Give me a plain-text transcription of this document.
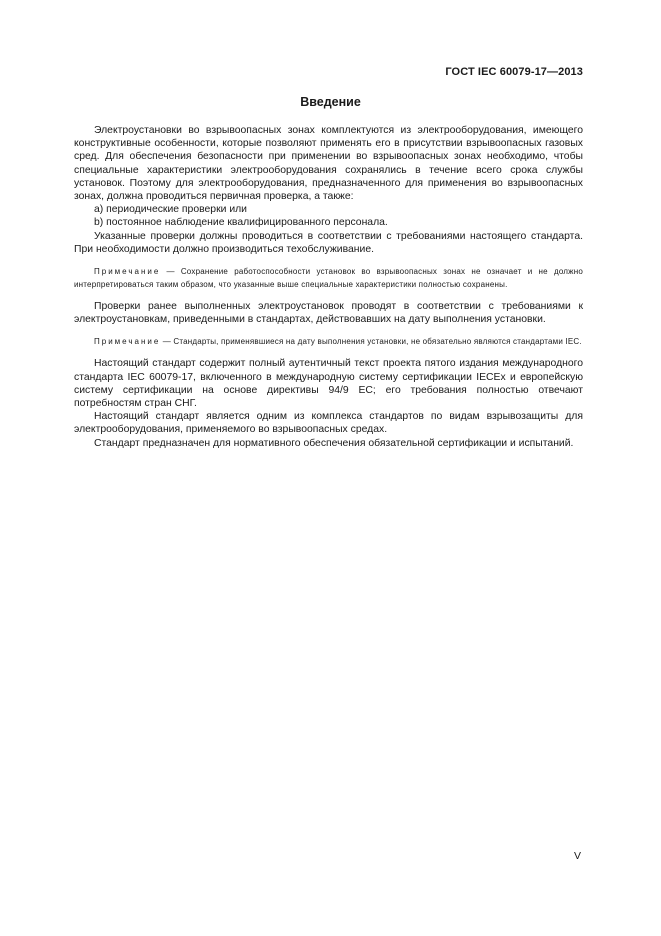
ГОСТ IEC 60079-17—2013
Введение

Электроустановки во взрывоопасных зонах комплектуются из электрооборудования, имеющего конструктивные особенности, которые позволяют применять его в присутствии взрывоопасных газовых сред. Для обеспечения безопасности при применении во взрывоопасных зонах необходимо, чтобы специальные характеристики электрооборудования сохранялись в течение всего срока службы установок. Поэтому для электрооборудования, предназначенного для применения во взрывоопасных зонах, должна проводиться первичная проверка, а также:

а) периодические проверки или

b) постоянное наблюдение квалифицированного персонала.

Указанные проверки должны проводиться в соответствии с требованиями настоящего стандарта. При необходимости должно производиться техобслуживание.

Примечание — Сохранение работоспособности установок во взрывоопасных зонах не означает и не должно интерпретироваться таким образом, что указанные выше специальные характеристики полностью сохранены.

Проверки ранее выполненных электроустановок проводят в соответствии с требованиями к электроустановкам, приведенными в стандартах, действовавших на дату выполнения установки.

Примечание — Стандарты, применявшиеся на дату выполнения установки, не обязательно являются стандартами IEC.

Настоящий стандарт содержит полный аутентичный текст проекта пятого издания международного стандарта IEC 60079-17, включенного в международную систему сертификации IECEx и европейскую систему сертификации на основе директивы 94/9 ЕС; его требования полностью отвечают потребностям стран СНГ.

Настоящий стандарт является одним из комплекса стандартов по видам взрывозащиты для электрооборудования, применяемого во взрывоопасных средах.

Стандарт предназначен для нормативного обеспечения обязательной сертификации и испытаний.

V
